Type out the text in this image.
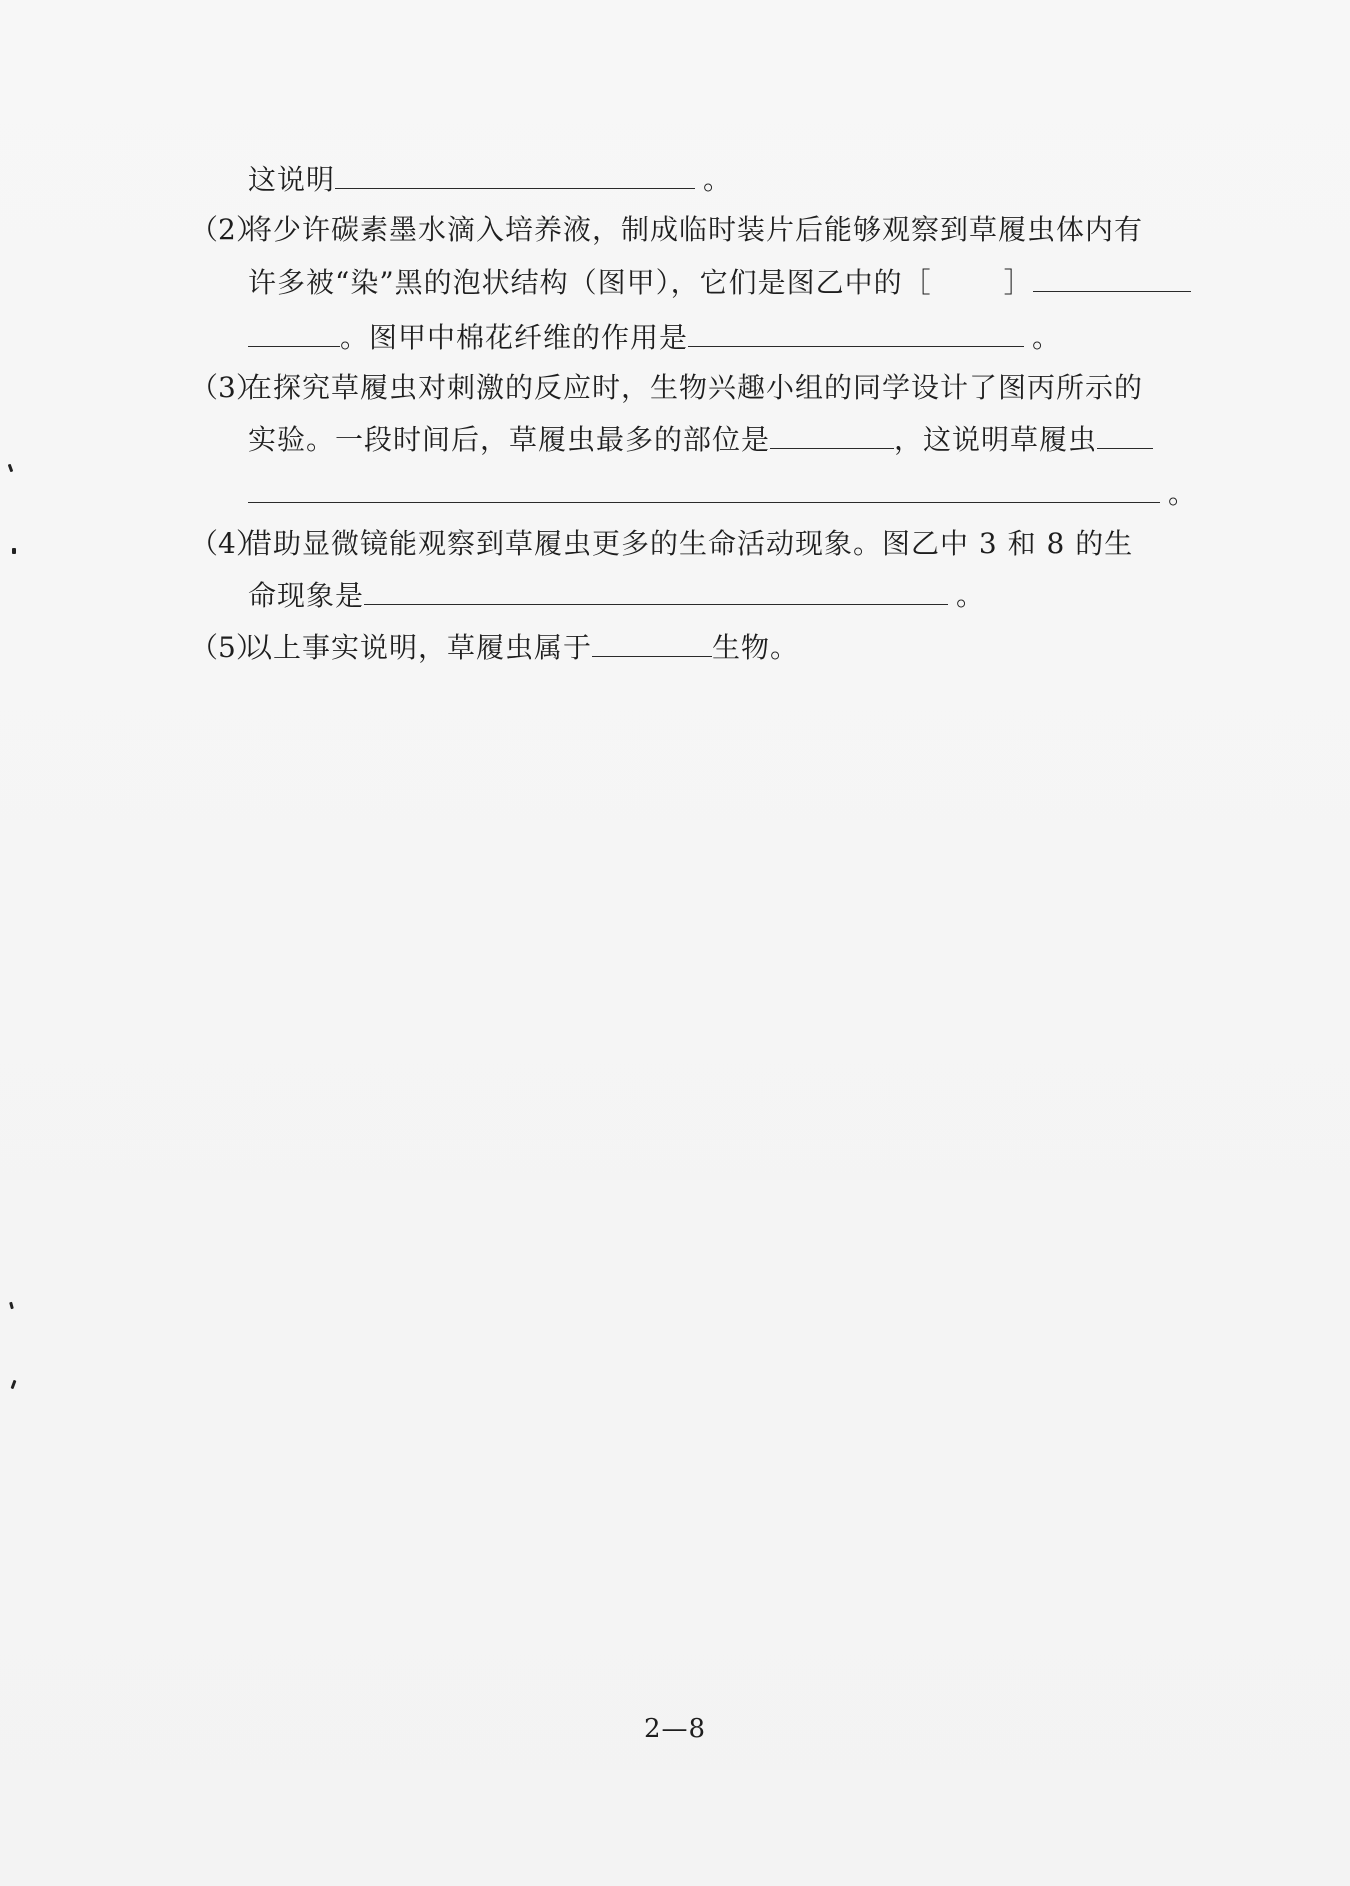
这说明	。
（2）将少许碳素墨水滴入培养液，制成临时装片后能够观察到草履虫体内有
许多被“染”黑的泡状结构（图甲），它们是图乙中的［	］
。图甲中棉花纤维的作用是	。
（3）在探究草履虫对刺激的反应时，生物兴趣小组的同学设计了图丙所示的
实验。一段时间后，草履虫最多的部位是	，这说明草履虫
。
（4）借助显微镜能观察到草履虫更多的生命活动现象。图乙中 3 和 8 的生
命现象是	。
（5）以上事实说明，草履虫属于	生物。
2—8
